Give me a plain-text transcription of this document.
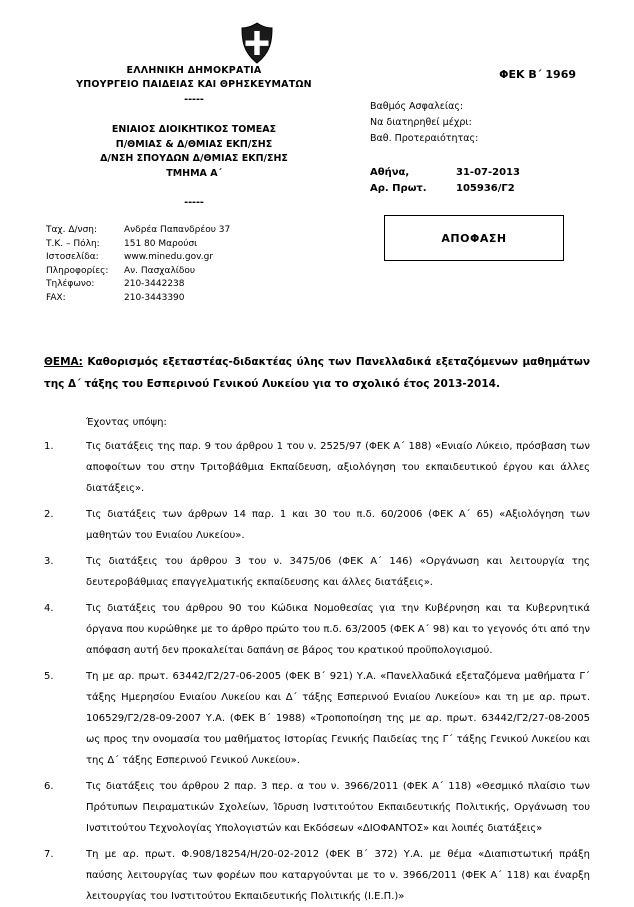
ΕΛΛΗΝΙΚΗ ΔΗΜΟΚΡΑΤΙΑ
ΥΠΟΥΡΓΕΙΟ ΠΑΙΔΕΙΑΣ ΚΑΙ ΘΡΗΣΚΕΥΜΑΤΩΝ
-----
ΕΝΙΑΙΟΣ ΔΙΟΙΚΗΤΙΚΟΣ ΤΟΜΕΑΣ
Π/ΘΜΙΑΣ & Δ/ΘΜΙΑΣ ΕΚΠ/ΣΗΣ
Δ/ΝΣΗ ΣΠΟΥΔΩΝ Δ/ΘΜΙΑΣ ΕΚΠ/ΣΗΣ
ΤΜΗΜΑ Α΄
-----
Ταχ. Δ/νση:	Ανδρέα Παπανδρέου 37
Τ.Κ. – Πόλη:	151 80 Μαρούσι
Ιστοσελίδα:	www.minedu.gov.gr
Πληροφορίες:	Αν. Πασχαλίδου
Τηλέφωνο:	210-3442238
FAX:	210-3443390
ΦΕΚ Β΄ 1969
Βαθμός Ασφαλείας:
Να διατηρηθεί μέχρι:
Βαθ. Προτεραιότητας:
Αθήνα,	31-07-2013
Αρ. Πρωτ.	105936/Γ2
ΑΠΟΦΑΣΗ
ΘΕΜΑ: Καθορισμός εξεταστέας-διδακτέας ύλης των Πανελλαδικά εξεταζόμενων μαθημάτων της Δ΄ τάξης του Εσπερινού Γενικού Λυκείου για το σχολικό έτος 2013-2014.
Έχοντας υπόψη:
1.	Τις διατάξεις της παρ. 9 του άρθρου 1 του ν. 2525/97 (ΦΕΚ Α΄ 188) «Ενιαίο Λύκειο, πρόσβαση των αποφοίτων του στην Τριτοβάθμια Εκπαίδευση, αξιολόγηση του εκπαιδευτικού έργου και άλλες διατάξεις».
2.	Τις διατάξεις των άρθρων 14 παρ. 1 και 30 του π.δ. 60/2006 (ΦΕΚ Α΄ 65) «Αξιολόγηση των μαθητών του Ενιαίου Λυκείου».
3.	Τις διατάξεις του άρθρου 3 του ν. 3475/06 (ΦΕΚ Α΄ 146) «Οργάνωση και λειτουργία της δευτεροβάθμιας επαγγελματικής εκπαίδευσης και άλλες διατάξεις».
4.	Τις διατάξεις του άρθρου 90 του Κώδικα Νομοθεσίας για την Κυβέρνηση και τα Κυβερνητικά όργανα που κυρώθηκε με το άρθρο πρώτο του π.δ. 63/2005 (ΦΕΚ Α΄ 98) και το γεγονός ότι από την απόφαση αυτή δεν προκαλείται δαπάνη σε βάρος του κρατικού προϋπολογισμού.
5.	Τη με αρ. πρωτ. 63442/Γ2/27-06-2005 (ΦΕΚ Β΄ 921) Υ.Α. «Πανελλαδικά εξεταζόμενα μαθήματα Γ΄ τάξης Ημερησίου Ενιαίου Λυκείου και Δ΄ τάξης Εσπερινού Ενιαίου Λυκείου» και τη με αρ. πρωτ. 106529/Γ2/28-09-2007 Υ.Α. (ΦΕΚ Β΄ 1988) «Τροποποίηση της με αρ. πρωτ. 63442/Γ2/27-08-2005 ως προς την ονομασία του μαθήματος Ιστορίας Γενικής Παιδείας της Γ΄ τάξης Γενικού Λυκείου και της Δ΄ τάξης Εσπερινού Γενικού Λυκείου».
6.	Τις διατάξεις του άρθρου 2 παρ. 3 περ. α του ν. 3966/2011 (ΦΕΚ Α΄ 118) «Θεσμικό πλαίσιο των Πρότυπων Πειραματικών Σχολείων, Ίδρυση Ινστιτούτου Εκπαιδευτικής Πολιτικής, Οργάνωση του Ινστιτούτου Τεχνολογίας Υπολογιστών και Εκδόσεων «ΔΙΟΦΑΝΤΟΣ» και λοιπές διατάξεις»
7.	Τη με αρ. πρωτ. Φ.908/18254/Η/20-02-2012 (ΦΕΚ Β΄ 372) Υ.Α. με θέμα «Διαπιστωτική πράξη παύσης λειτουργίας των φορέων που καταργούνται με το ν. 3966/2011 (ΦΕΚ Α΄ 118) και έναρξη λειτουργίας του Ινστιτούτου Εκπαιδευτικής Πολιτικής (Ι.Ε.Π.)»
